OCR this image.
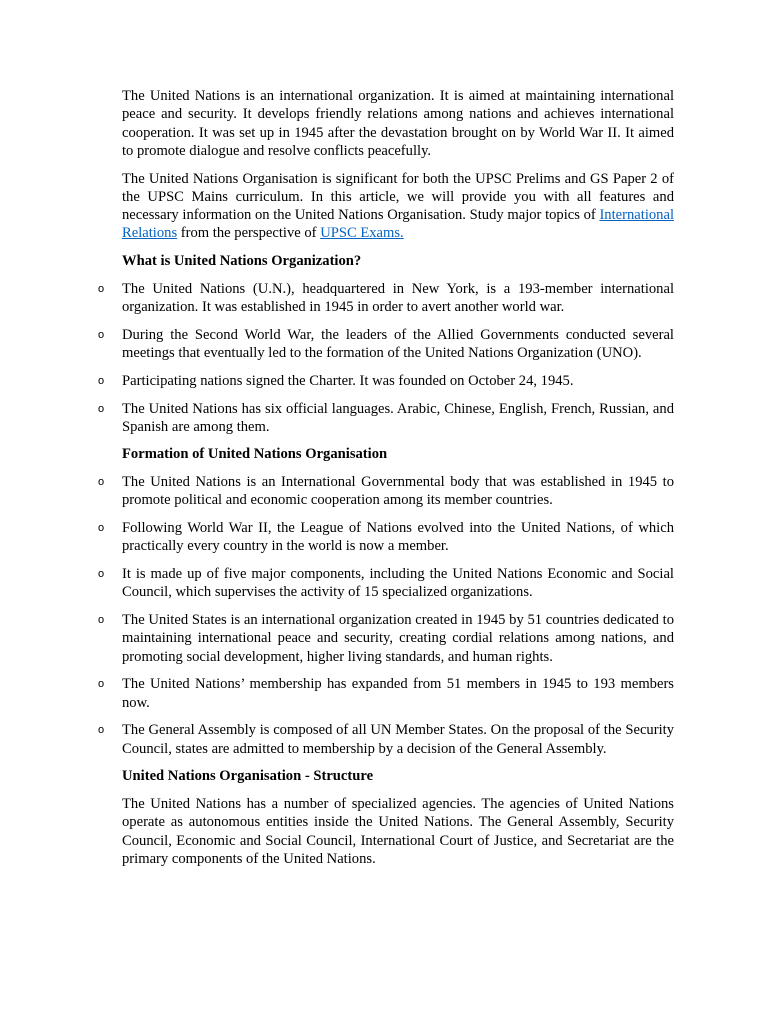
The United Nations is an international organization. It is aimed at maintaining international peace and security. It develops friendly relations among nations and achieves international cooperation. It was set up in 1945 after the devastation brought on by World War II. It aimed to promote dialogue and resolve conflicts peacefully.

The United Nations Organisation is significant for both the UPSC Prelims and GS Paper 2 of the UPSC Mains curriculum. In this article, we will provide you with all features and necessary information on the United Nations Organisation. Study major topics of International Relations from the perspective of UPSC Exams.

What is United Nations Organization?

o The United Nations (U.N.), headquartered in New York, is a 193-member international organization. It was established in 1945 in order to avert another world war.
o During the Second World War, the leaders of the Allied Governments conducted several meetings that eventually led to the formation of the United Nations Organization (UNO).
o Participating nations signed the Charter. It was founded on October 24, 1945.
o The United Nations has six official languages. Arabic, Chinese, English, French, Russian, and Spanish are among them.

Formation of United Nations Organisation

o The United Nations is an International Governmental body that was established in 1945 to promote political and economic cooperation among its member countries.
o Following World War II, the League of Nations evolved into the United Nations, of which practically every country in the world is now a member.
o It is made up of five major components, including the United Nations Economic and Social Council, which supervises the activity of 15 specialized organizations.
o The United States is an international organization created in 1945 by 51 countries dedicated to maintaining international peace and security, creating cordial relations among nations, and promoting social development, higher living standards, and human rights.
o The United Nations’ membership has expanded from 51 members in 1945 to 193 members now.
o The General Assembly is composed of all UN Member States. On the proposal of the Security Council, states are admitted to membership by a decision of the General Assembly.

United Nations Organisation - Structure

The United Nations has a number of specialized agencies. The agencies of United Nations operate as autonomous entities inside the United Nations. The General Assembly, Security Council, Economic and Social Council, International Court of Justice, and Secretariat are the primary components of the United Nations.
